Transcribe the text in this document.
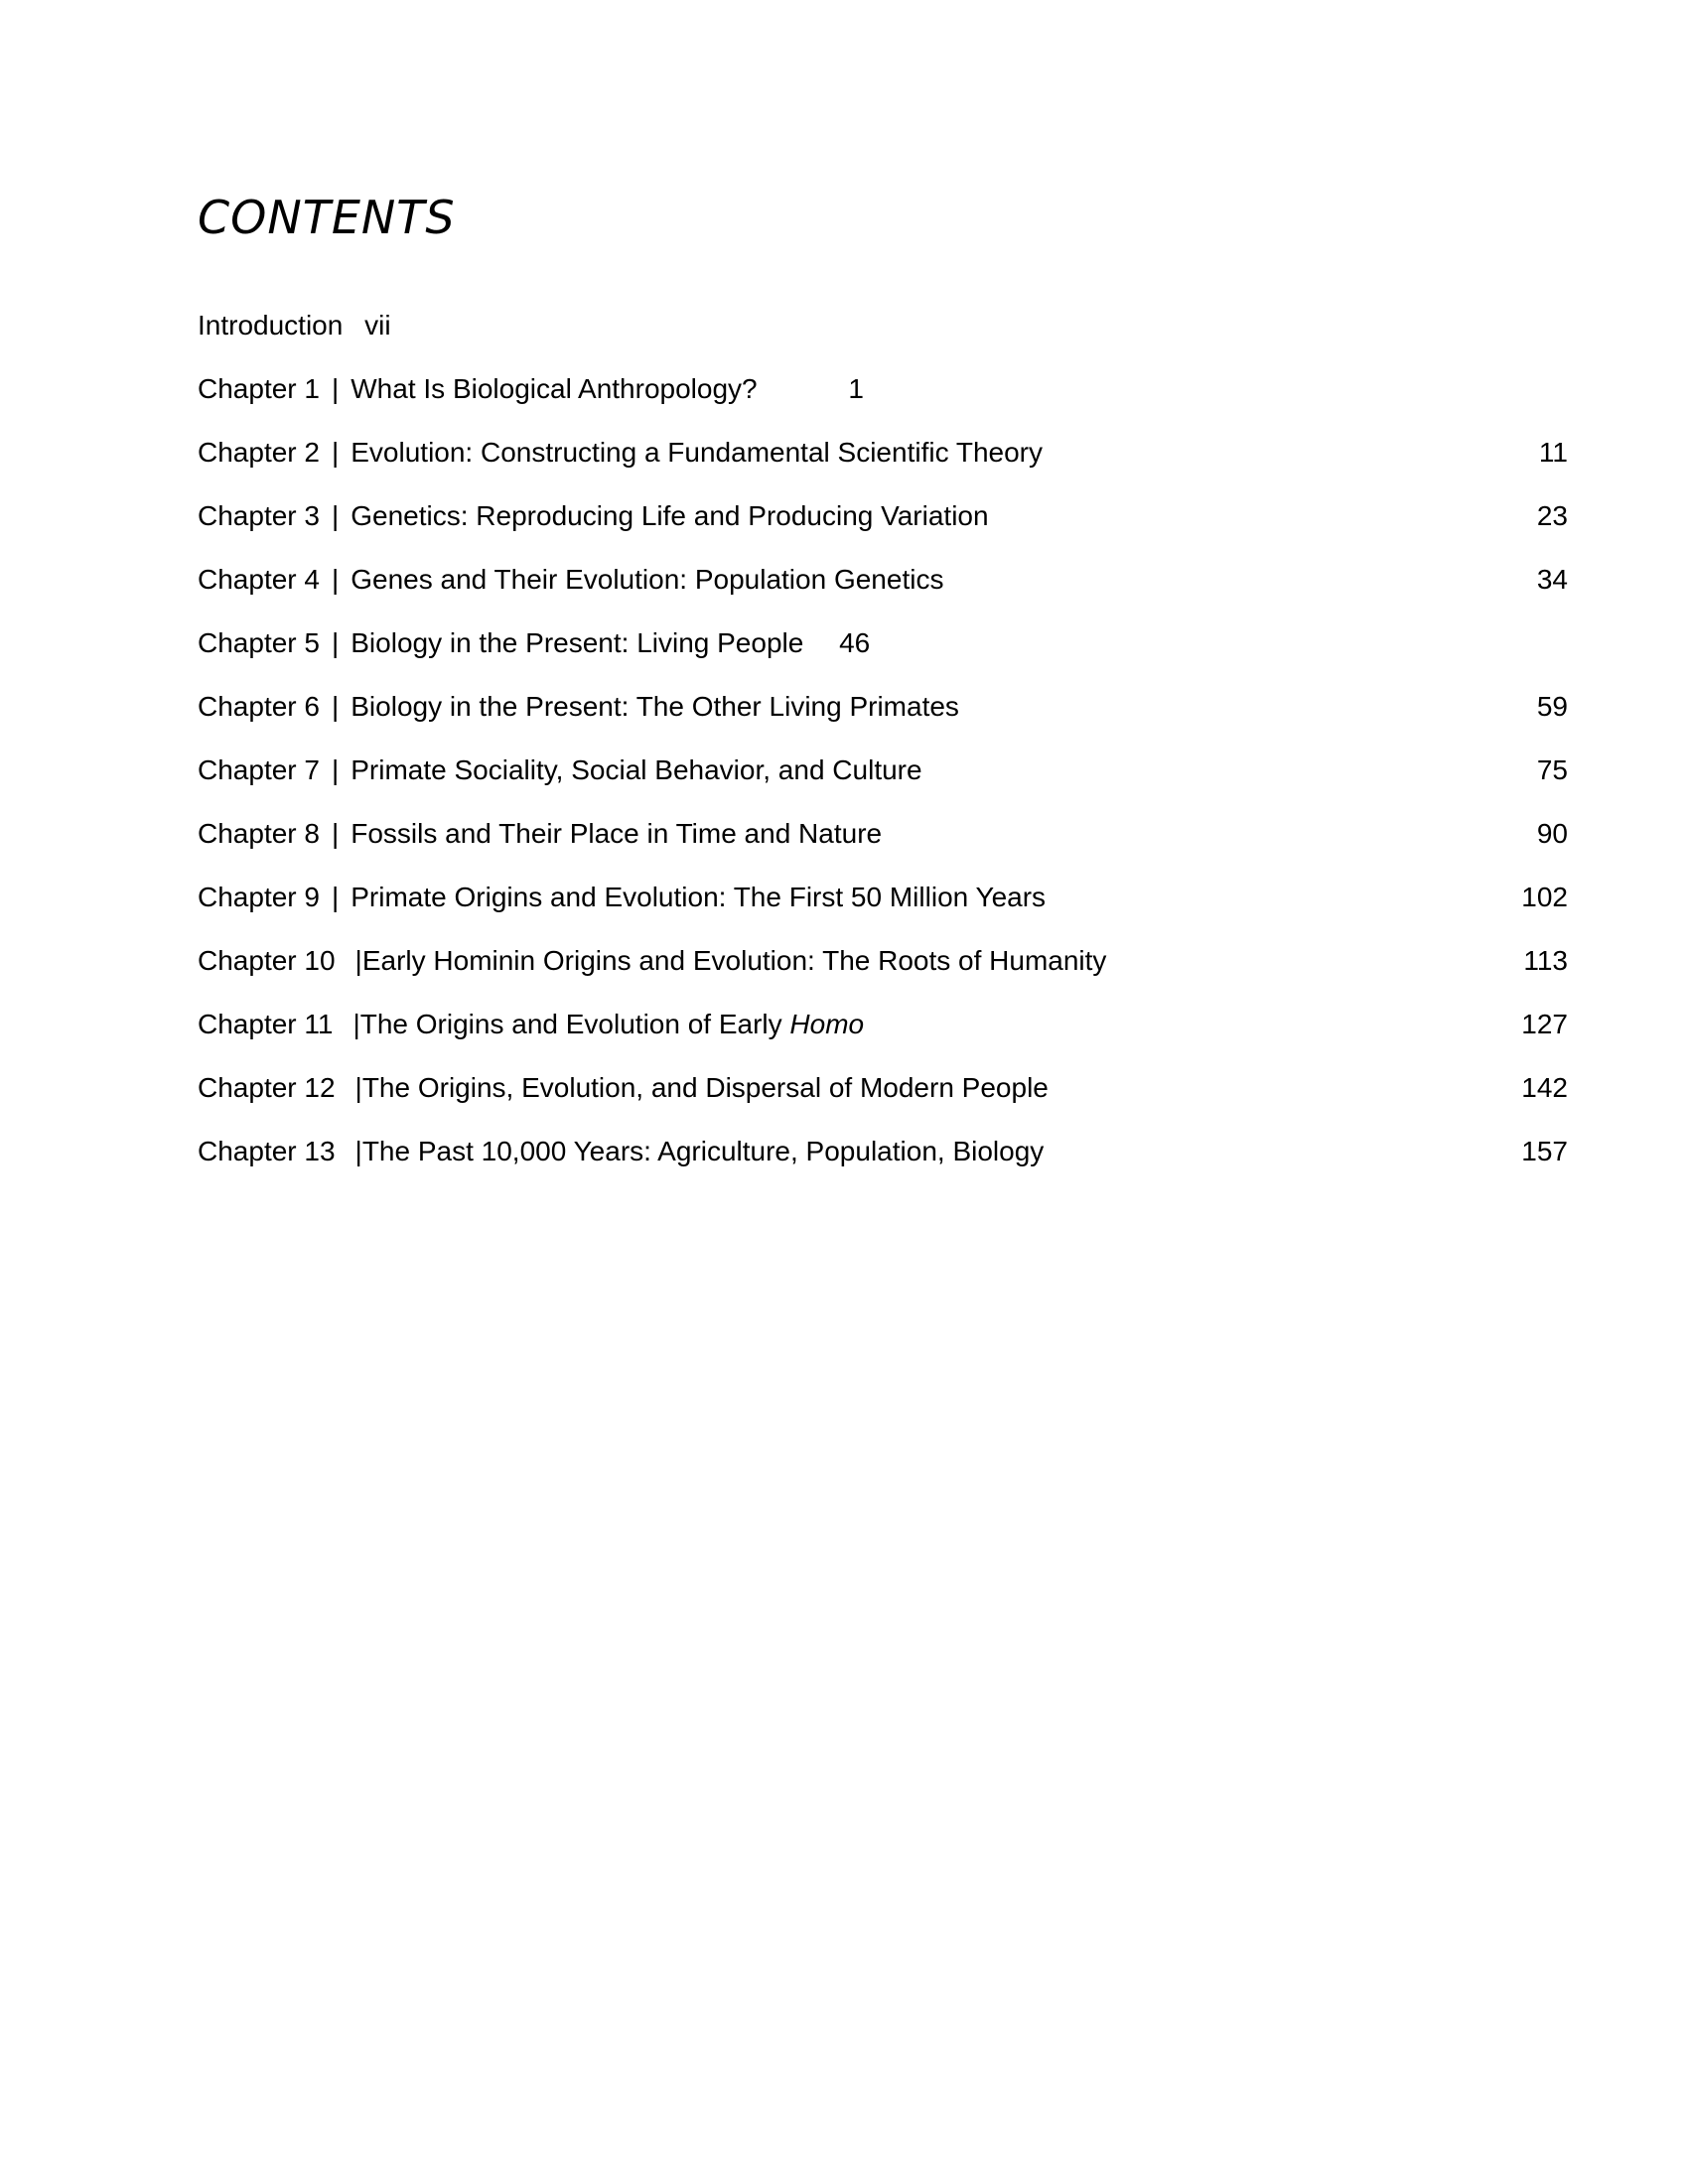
CONTENTS
Introduction vii
Chapter 1 | What Is Biological Anthropology?	1
Chapter 2 | Evolution: Constructing a Fundamental Scientific Theory	11
Chapter 3 | Genetics: Reproducing Life and Producing Variation	23
Chapter 4 | Genes and Their Evolution: Population Genetics	34
Chapter 5 | Biology in the Present: Living People 46
Chapter 6 | Biology in the Present: The Other Living Primates	59
Chapter 7 | Primate Sociality, Social Behavior, and Culture	75
Chapter 8 | Fossils and Their Place in Time and Nature	90
Chapter 9 | Primate Origins and Evolution: The First 50 Million Years	102
Chapter 10 |Early Hominin Origins and Evolution: The Roots of Humanity	113
Chapter 11 |The Origins and Evolution of Early Homo	127
Chapter 12 |The Origins, Evolution, and Dispersal of Modern People	142
Chapter 13 |The Past 10,000 Years: Agriculture, Population, Biology	157
